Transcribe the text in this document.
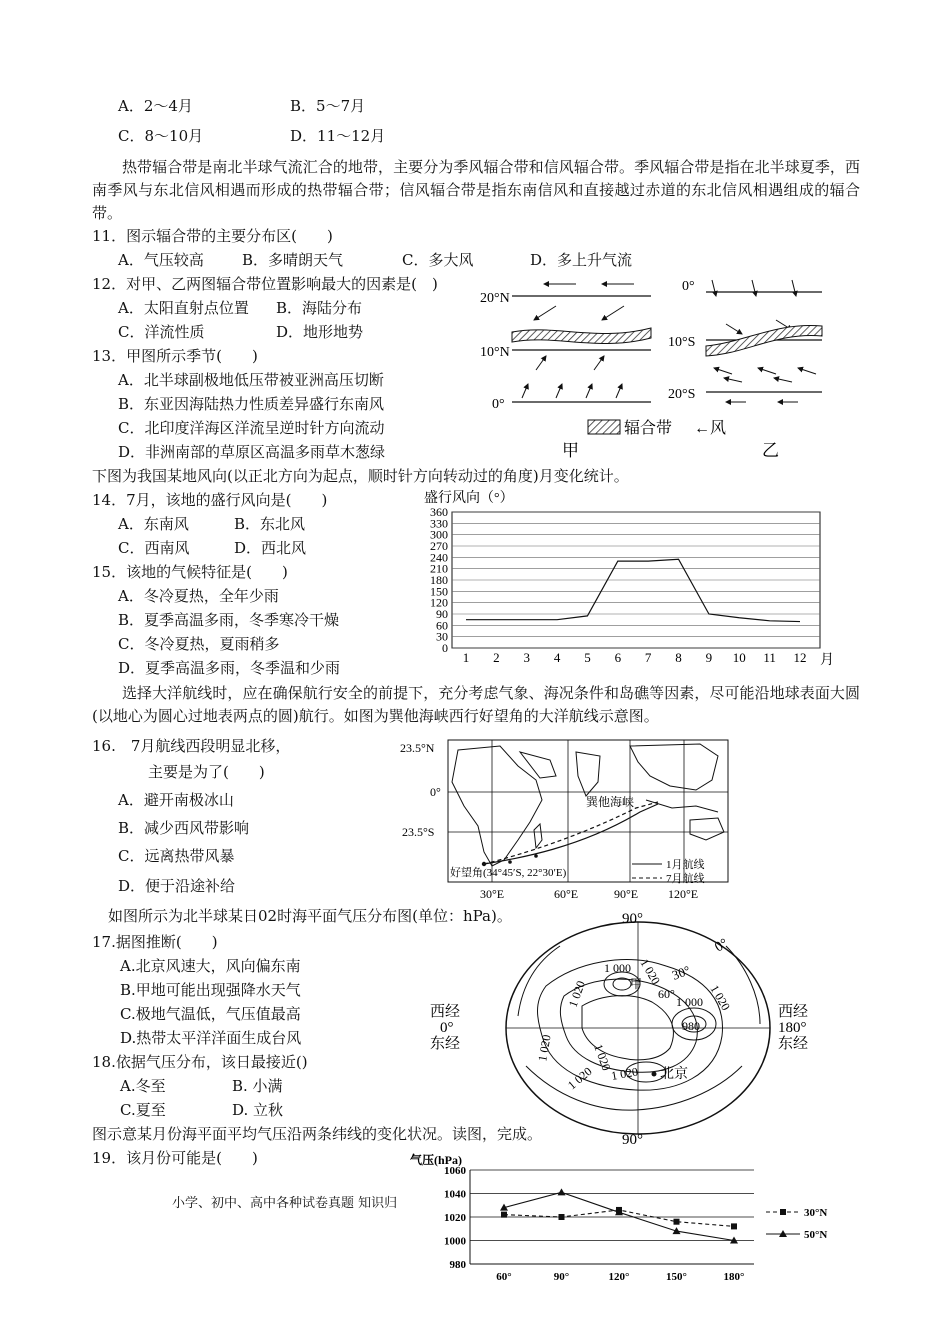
A．2～4月	B．5～7月
C．8～10月	D．11～12月
热带辐合带是南北半球气流汇合的地带，主要分为季风辐合带和信风辐合带。季风辐合带是指在北半球夏季，西南季风与东北信风相遇而形成的热带辐合带；信风辐合带是指东南信风和直接越过赤道的东北信风相遇组成的辐合带。
11．图示辐合带的主要分布区(　　)
A．气压较高	B．多晴朗天气	C．多大风	D．多上升气流
12．对甲、乙两图辐合带位置影响最大的因素是(　)
A．太阳直射点位置 B．海陆分布
C．洋流性质	D．地形地势
13．甲图所示季节(　　)
A．北半球副极地低压带被亚洲高压切断
B．东亚因海陆热力性质差异盛行东南风
C．北印度洋海区洋流呈逆时针方向流动
D．非洲南部的草原区高温多雨草木葱绿
20°N
10°N
0°
0°
10°S
20°S
辐合带 ← 风
甲	乙
下图为我国某地风向(以正北方向为起点，顺时针方向转动过的角度)月变化统计。
14．7月，该地的盛行风向是(　　)
A．东南风	B．东北风
C．西南风	D．西北风
15．该地的气候特征是(　　)
A．冬冷夏热，全年少雨
B．夏季高温多雨，冬季寒冷干燥
C．冬冷夏热，夏雨稍多
D．夏季高温多雨，冬季温和少雨
盛行风向（°）
月
0
30
60
90
120
150
180
210
240
270
300
330
360
1 2 3 4 5 6 7 8 9 10 11 12
选择大洋航线时，应在确保航行安全的前提下，充分考虑气象、海况条件和岛礁等因素，尽可能沿地球表面大圆(以地心为圆心过地表两点的圆)航行。如图为巽他海峡西行好望角的大洋航线示意图。
16.　7月航线西段明显北移，
主要是为了(　　)
A．避开南极冰山
B．减少西风带影响
C．远离热带风暴
D．便于沿途补给
23.5°N
0°
23.5°S
巽他海峡
好望角(34°45′S, 22°30′E)
1月航线
7月航线
30°E	60°E	90°E 120°E
如图所示为北半球某日02时海平面气压分布图(单位：hPa)。
17.据图推断(　　)
A.北京风速大，风向偏东南
B.甲地可能出现强降水天气
C.极地气温低，气压值最高
D.热带太平洋洋面生成台风
18.依据气压分布，该日最接近()
A.冬至	B. 小满
C.夏至	D. 立秋
90°
90°
西经
0°
东经
西经
180°
东经
0°
30°
1 020
1 000
甲
1 020
1 020
1 000
60°
980
1 020	1 020
北京
1 020 1 020
图示意某月份海平面平均气压沿两条纬线的变化状况。读图，完成。
19．该月份可能是(　　)
小学、初中、高中各种试卷真题 知识归
气压(hPa)
980
1000
1020
1040
1060
60°	90°	120°	150°	180°
30°N
50°N
